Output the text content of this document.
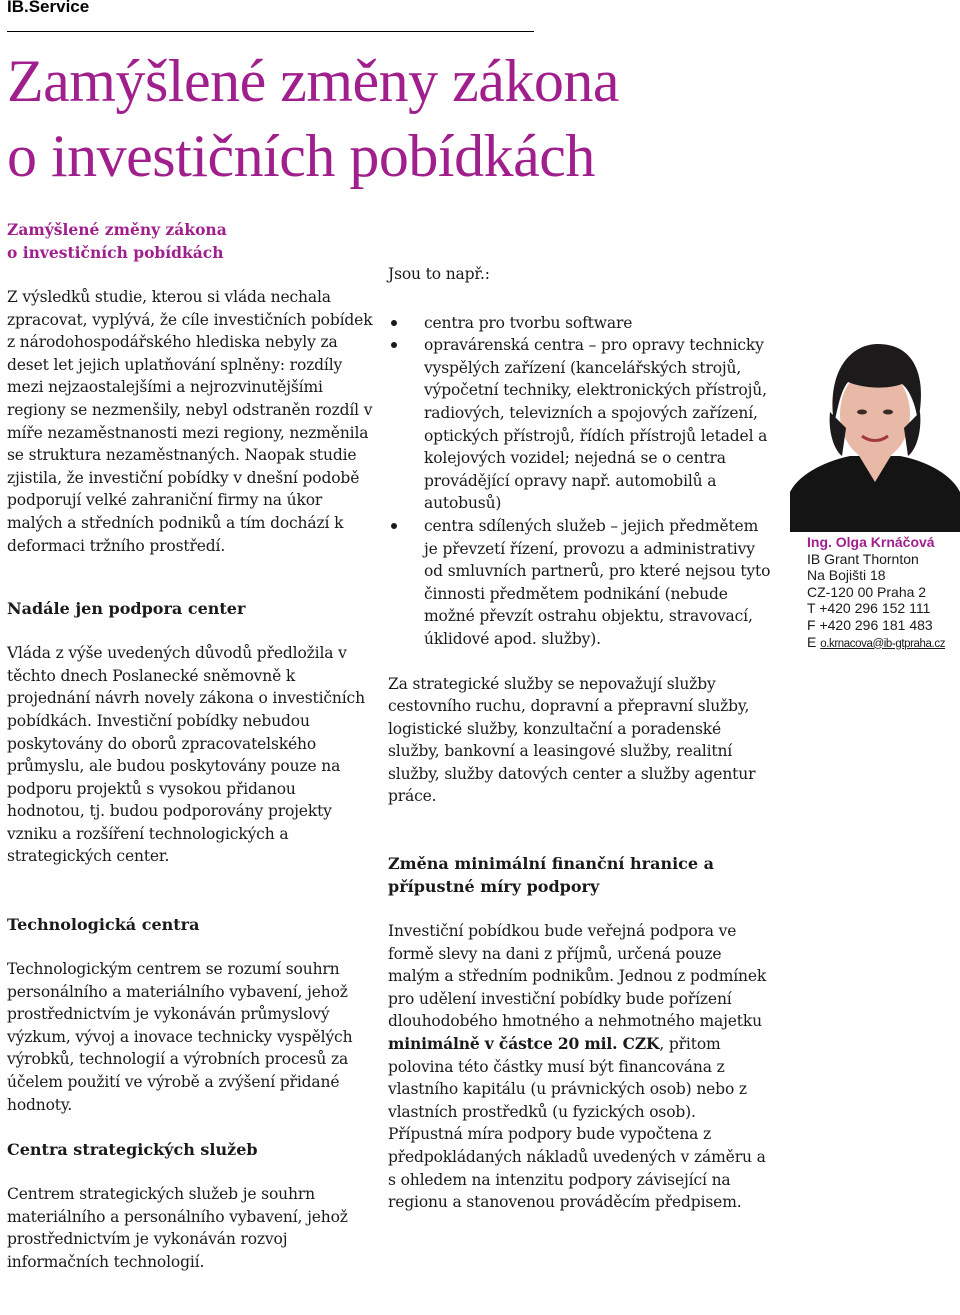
IB.Service
Zamýšlené změny zákona
o investičních pobídkách
Zamýšlené změny zákona
o investičních pobídkách

Z výsledků studie, kterou si vláda nechala zpracovat, vyplývá, že cíle investičních pobídek z národohospodářského hlediska nebyly za deset let jejich uplatňování splněny: rozdíly mezi nejzaostalejšími a nejrozvinutějšími regiony se nezmenšily, nebyl odstraněn rozdíl v míře nezaměstnanosti mezi regiony, nezměnila se struktura nezaměstnaných. Naopak studie zjistila, že investiční pobídky v dnešní podobě podporují velké zahraniční firmy na úkor malých a středních podniků a tím dochází k deformaci tržního prostředí.

Nadále jen podpora center

Vláda z výše uvedených důvodů předložila v těchto dnech Poslanecké sněmovně k projednání návrh novely zákona o investičních pobídkách. Investiční pobídky nebudou poskytovány do oborů zpracovatelského průmyslu, ale budou poskytovány pouze na podporu projektů s vysokou přidanou hodnotou, tj. budou podporovány projekty vzniku a rozšíření technologických a strategických center.

Technologická centra

Technologickým centrem se rozumí souhrn personálního a materiálního vybavení, jehož prostřednictvím je vykonáván průmyslový výzkum, vývoj a inovace technicky vyspělých výrobků, technologií a výrobních procesů za účelem použití ve výrobě a zvýšení přidané hodnoty.

Centra strategických služeb

Centrem strategických služeb je souhrn materiálního a personálního vybavení, jehož prostřednictvím je vykonáván rozvoj informačních technologií.

Jsou to např.:

centra pro tvorbu software

opravárenská centra – pro opravy technicky vyspělých zařízení (kancelářských strojů, výpočetní techniky, elektronických přístrojů, radiových, televizních a spojových zařízení, optických přístrojů, řídích přístrojů letadel a kolejových vozidel; nejedná se o centra provádějící opravy např. automobilů a autobusů)

centra sdílených služeb – jejich předmětem je převzetí řízení, provozu a administrativy od smluvních partnerů, pro které nejsou tyto činnosti předmětem podnikání (nebude možné převzít ostrahu objektu, stravovací, úklidové apod. služby).

Za strategické služby se nepovažují služby cestovního ruchu, dopravní a přepravní služby, logistické služby, konzultační a poradenské služby, bankovní a leasingové služby, realitní služby, služby datových center a služby agentur práce.

Změna minimální finanční hranice a přípustné míry podpory

Investiční pobídkou bude veřejná podpora ve formě slevy na dani z příjmů, určená pouze malým a středním podnikům. Jednou z podmínek pro udělení investiční pobídky bude pořízení dlouhodobého hmotného a nehmotného majetku minimálně v částce 20 mil. CZK, přitom polovina této částky musí být financována z vlastního kapitálu (u právnických osob) nebo z vlastních prostředků (u fyzických osob). Přípustná míra podpory bude vypočtena z předpokládaných nákladů uvedených v záměru a s ohledem na intenzitu podpory závisející na regionu a stanovenou prováděcím předpisem.

Ing. Olga Krnáčová
IB Grant Thornton
Na Bojišti 18
CZ-120 00 Praha 2
T +420 296 152 111
F +420 296 181 483
E o.krnacova@ib-gtpraha.cz
